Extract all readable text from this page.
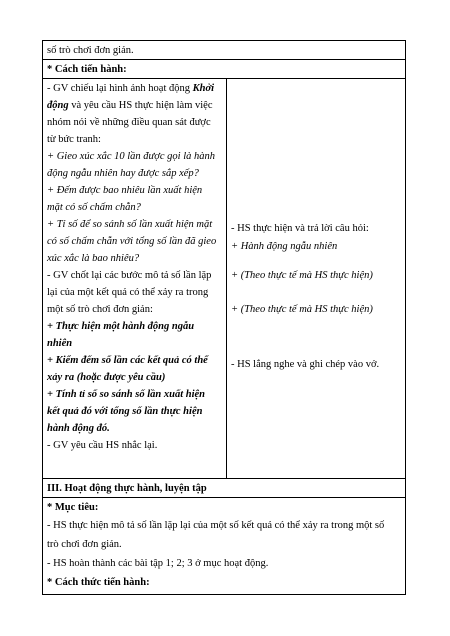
số trò chơi đơn giản.
* Cách tiến hành:
- GV chiếu lại hình ảnh hoạt động Khởi
động và yêu cầu HS thực hiện làm việc
nhóm nói về những điều quan sát được
từ bức tranh:
+ Gieo xúc xắc 10 lần được gọi là hành
động ngẫu nhiên hay được sắp xếp?
+ Đếm được bao nhiêu lần xuất hiện
mặt có số chấm chẵn?
+ Tỉ số để so sánh số lần xuất hiện mặt
có số chấm chẵn với tổng số lần đã gieo
xúc xắc là bao nhiêu?
- GV chốt lại các bước mô tả số lần lặp
lại của một kết quả có thể xảy ra trong
một số trò chơi đơn giản:
+ Thực hiện một hành động ngẫu
nhiên
+ Kiểm đếm số lần các kết quả có thể
xảy ra (hoặc được yêu cầu)
+ Tính tỉ số so sánh số lần xuất hiện
kết quả đó với tổng số lần thực hiện
hành động đó.
- GV yêu cầu HS nhắc lại.
- HS thực hiện và trả lời câu hỏi:
+ Hành động ngẫu nhiên
+ (Theo thực tế mà HS thực hiện)
+ (Theo thực tế mà HS thực hiện)
- HS lắng nghe và ghi chép vào vở.
III. Hoạt động thực hành, luyện tập
* Mục tiêu:
- HS thực hiện mô tả số lần lặp lại của một số kết quả có thể xảy ra trong một số
trò chơi đơn giản.
- HS hoàn thành các bài tập 1; 2; 3 ở mục hoạt động.
* Cách thức tiến hành:
